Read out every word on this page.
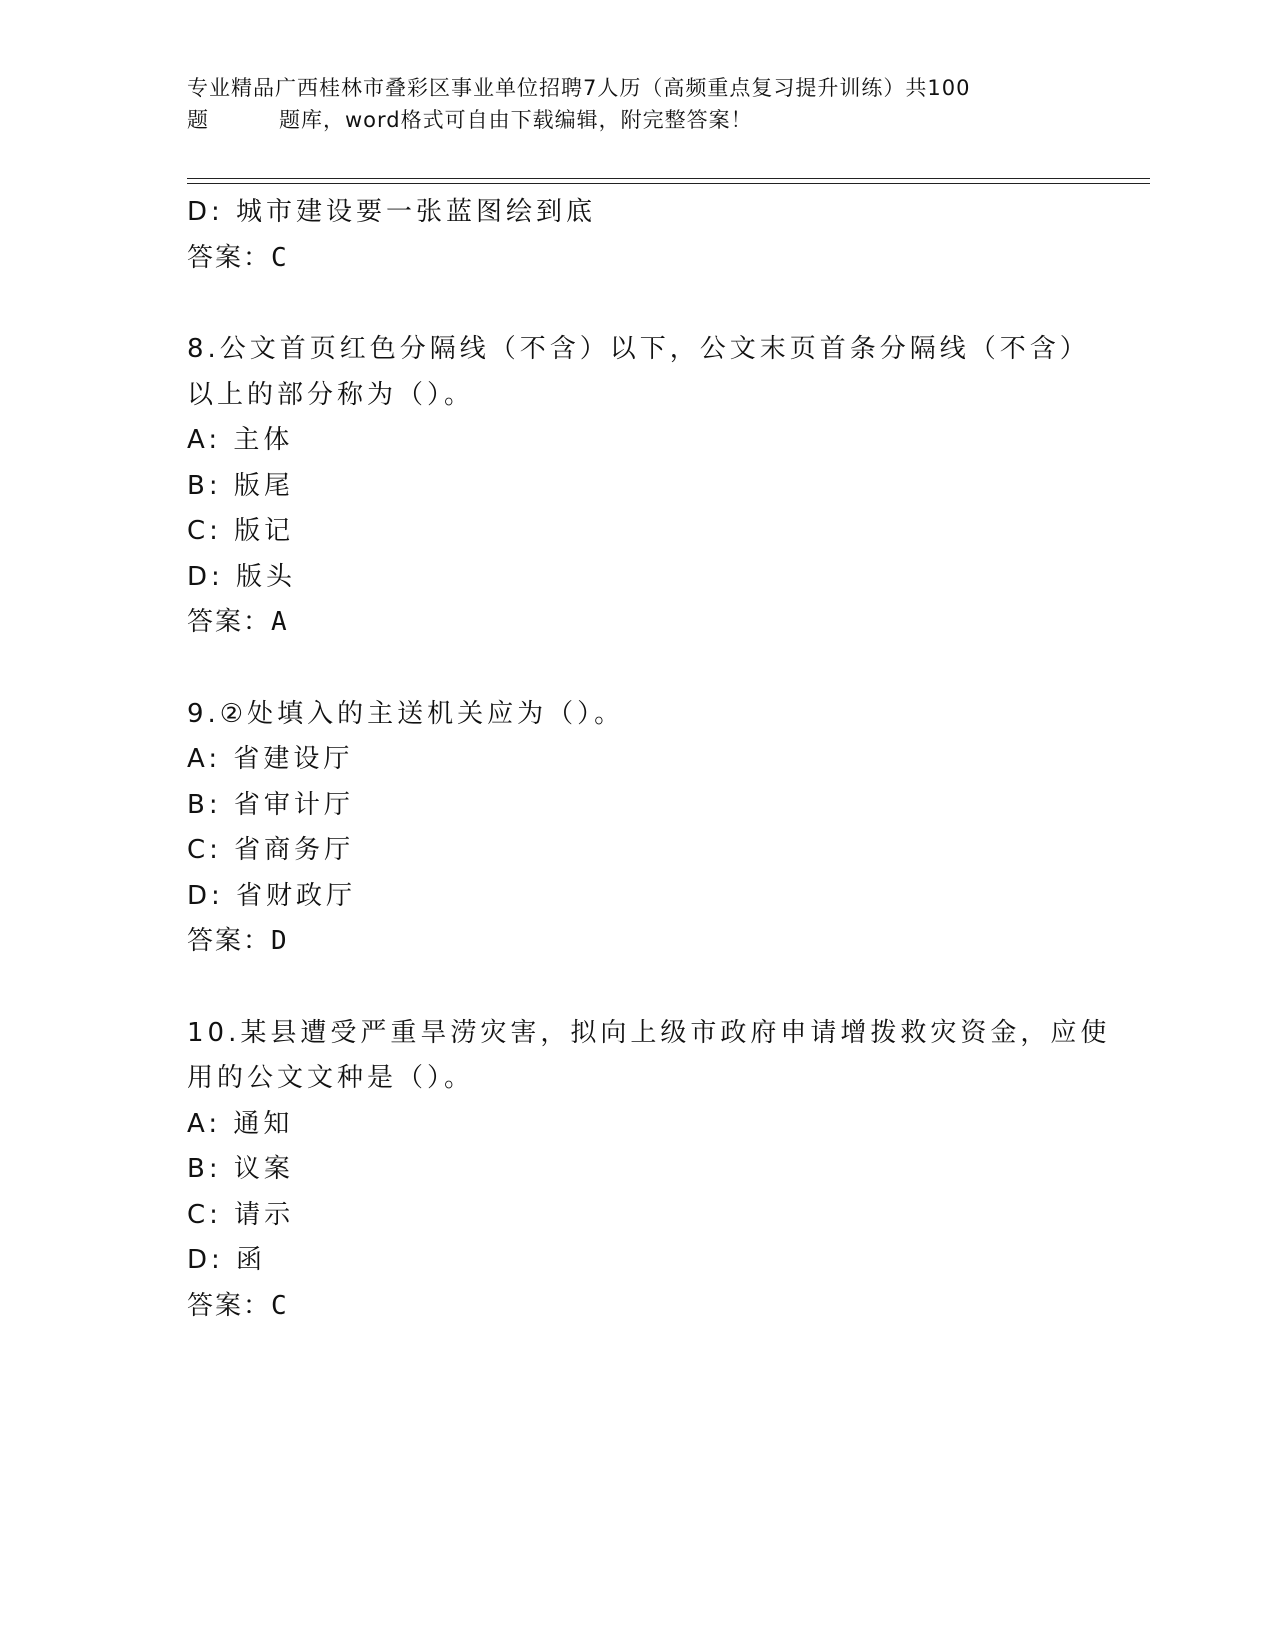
专业精品广西桂林市叠彩区事业单位招聘7人历（高频重点复习提升训练）共100
题	题库，word格式可自由下载编辑，附完整答案！
D: 城市建设要一张蓝图绘到底
答案：C
8.公文首页红色分隔线（不含）以下，公文末页首条分隔线（不含）
以上的部分称为（）。
A: 主体
B: 版尾
C: 版记
D: 版头
答案：A
9.②处填入的主送机关应为（）。
A: 省建设厅
B: 省审计厅
C: 省商务厅
D: 省财政厅
答案：D
10.某县遭受严重旱涝灾害，拟向上级市政府申请增拨救灾资金，应使
用的公文文种是（）。
A: 通知
B: 议案
C: 请示
D: 函
答案：C
